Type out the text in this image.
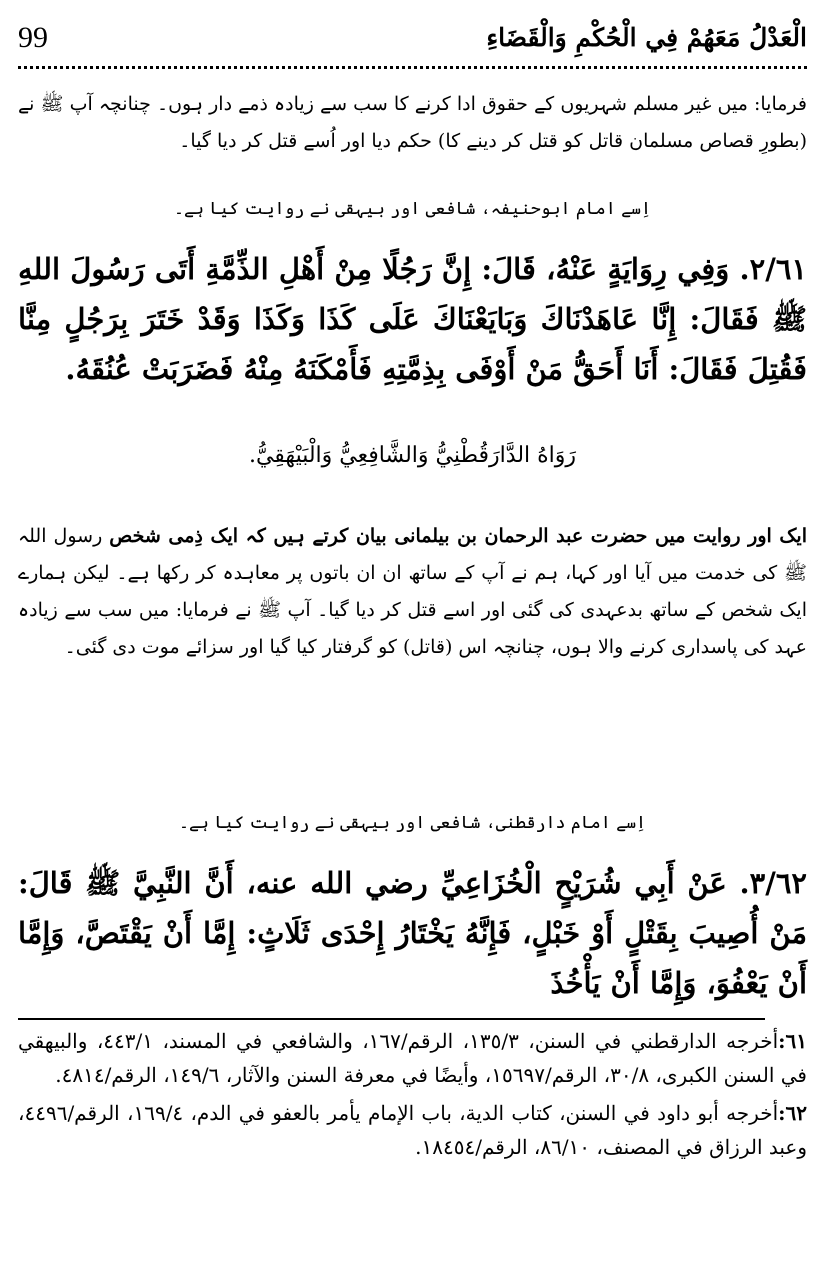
99	الْعَدْلُ مَعَهُمْ فِي الْحُكْمِ وَالْقَضَاءِ

فرمایا: میں غیر مسلم شہریوں کے حقوق ادا کرنے کا سب سے زیادہ ذمے دار ہوں۔ چنانچہ آپ ﷺ نے (بطورِ قصاص مسلمان قاتل کو قتل کر دینے کا) حکم دیا اور اُسے قتل کر دیا گیا۔

اِسے امام ابوحنیفہ، شافعی اور بیہقی نے روایت کیا ہے۔

٢/٦١. وَفِي رِوَايَةٍ عَنْهُ، قَالَ: إِنَّ رَجُلًا مِنْ أَهْلِ الذِّمَّةِ أَتَى رَسُولَ اللهِ ﷺ فَقَالَ: إِنَّا عَاهَدْنَاكَ وَبَايَعْنَاكَ عَلَى كَذَا وَكَذَا وَقَدْ خَتَرَ بِرَجُلٍ مِنَّا فَقُتِلَ فَقَالَ: أَنَا أَحَقُّ مَنْ أَوْفَى بِذِمَّتِهِ فَأَمْكَنَهُ مِنْهُ فَضَرَبَتْ عُنُقَهُ.

رَوَاهُ الدَّارَقُطْنِيُّ وَالشَّافِعِيُّ وَالْبَيْهَقِيُّ.

ایک اور روایت میں حضرت عبد الرحمان بن بیلمانی بیان کرتے ہیں کہ ایک ذِمی شخص رسول اللہ ﷺ کی خدمت میں آیا اور کہا، ہم نے آپ کے ساتھ ان ان باتوں پر معاہدہ کر رکھا ہے۔ لیکن ہمارے ایک شخص کے ساتھ بدعہدی کی گئی اور اسے قتل کر دیا گیا۔ آپ ﷺ نے فرمایا: میں سب سے زیادہ عہد کی پاسداری کرنے والا ہوں، چنانچہ اس (قاتل) کو گرفتار کیا گیا اور سزائے موت دی گئی۔

اِسے امام دارقطنی، شافعی اور بیہقی نے روایت کیا ہے۔

٣/٦٢. عَنْ أَبِي شُرَيْحٍ الْخُزَاعِيِّ رضي الله عنه، أَنَّ النَّبِيَّ ﷺ قَالَ: مَنْ أُصِيبَ بِقَتْلٍ أَوْ خَبْلٍ، فَإِنَّهُ يَخْتَارُ إِحْدَى ثَلَاثٍ: إِمَّا أَنْ يَقْتَصَّ، وَإِمَّا أَنْ يَعْفُوَ، وَإِمَّا أَنْ يَأْخُذَ

٦١:أخرجه الدارقطني في السنن، ١٣٥/٣، الرقم/١٦٧، والشافعي في المسند، ٤٤٣/١، والبيهقي في السنن الكبرى، ٣٠/٨، الرقم/١٥٦٩٧، وأيضًا في معرفة السنن والآثار، ١٤٩/٦، الرقم/٤٨١٤.

٦٢:أخرجه أبو داود في السنن، كتاب الدية، باب الإمام يأمر بالعفو في الدم، ١٦٩/٤، الرقم/٤٤٩٦، وعبد الرزاق في المصنف، ٨٦/١٠، الرقم/١٨٤٥٤.
